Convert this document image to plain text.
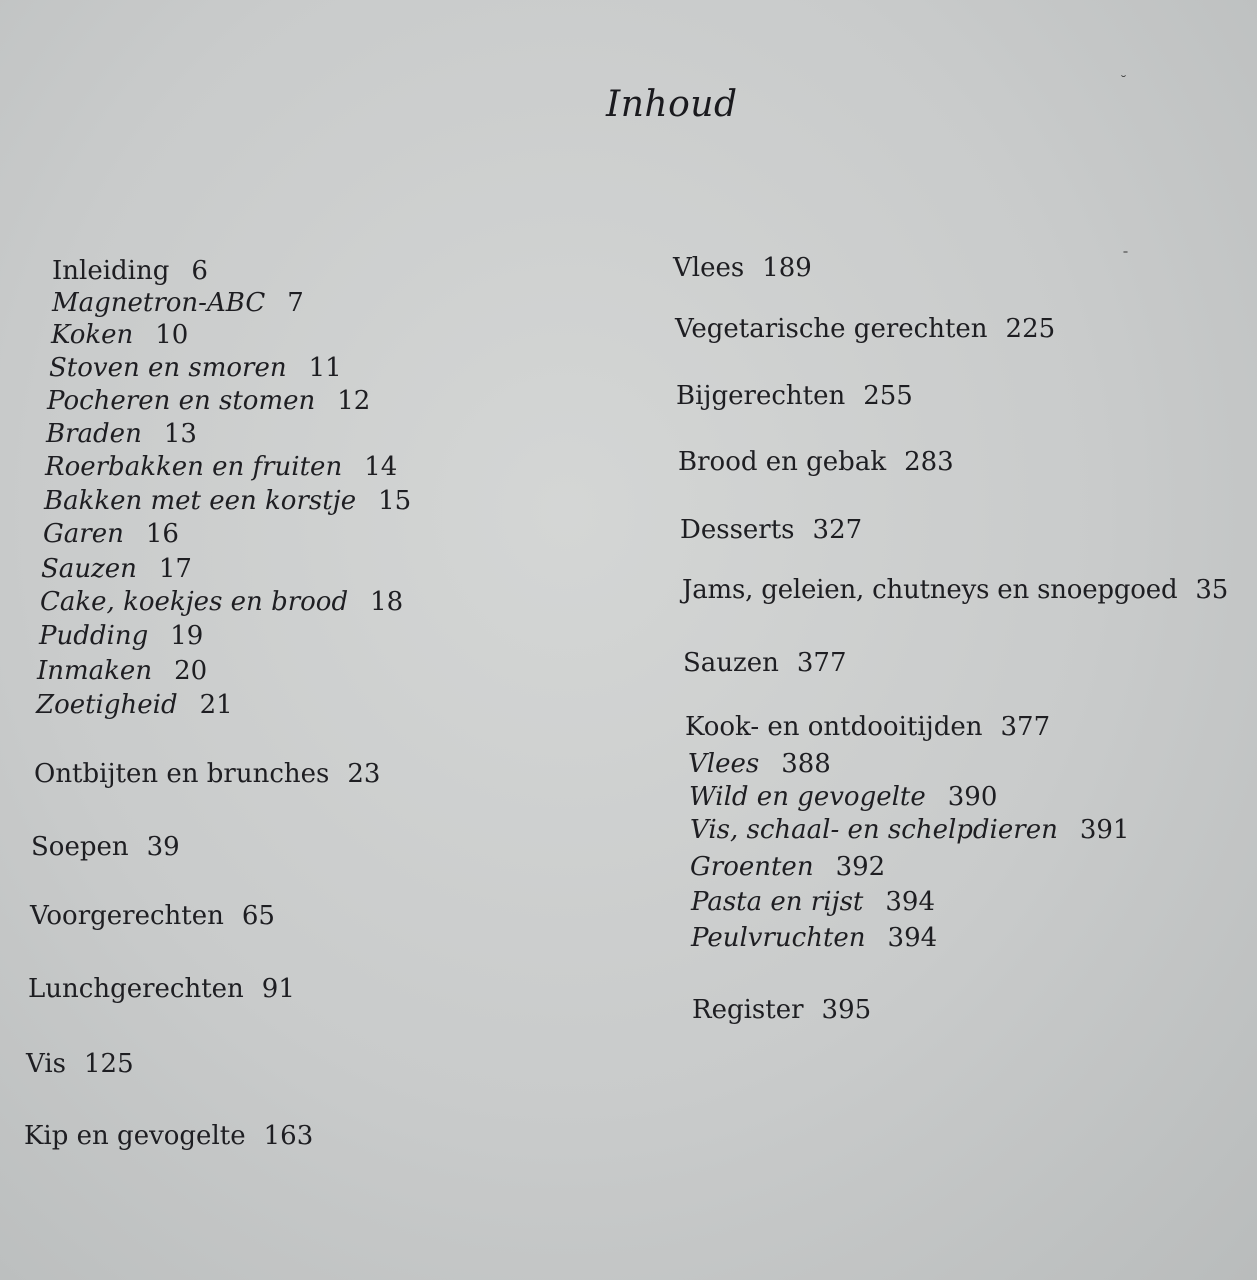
Inhoud
Inleiding 6
Magnetron-ABC 7
Koken 10
Stoven en smoren 11
Pocheren en stomen 12
Braden 13
Roerbakken en fruiten 14
Bakken met een korstje 15
Garen 16
Sauzen 17
Cake, koekjes en brood 18
Pudding 19
Inmaken 20
Zoetigheid 21
Ontbijten en brunches 23
Soepen 39
Voorgerechten 65
Lunchgerechten 91
Vis 125
Kip en gevogelte 163
Vlees 189
Vegetarische gerechten 225
Bijgerechten 255
Brood en gebak 283
Desserts 327
Jams, geleien, chutneys en snoepgoed 35
Sauzen 377
Kook- en ontdooitijden 377
Vlees 388
Wild en gevogelte 390
Vis, schaal- en schelpdieren 391
Groenten 392
Pasta en rijst 394
Peulvruchten 394
Register 395
˘
ˉ
